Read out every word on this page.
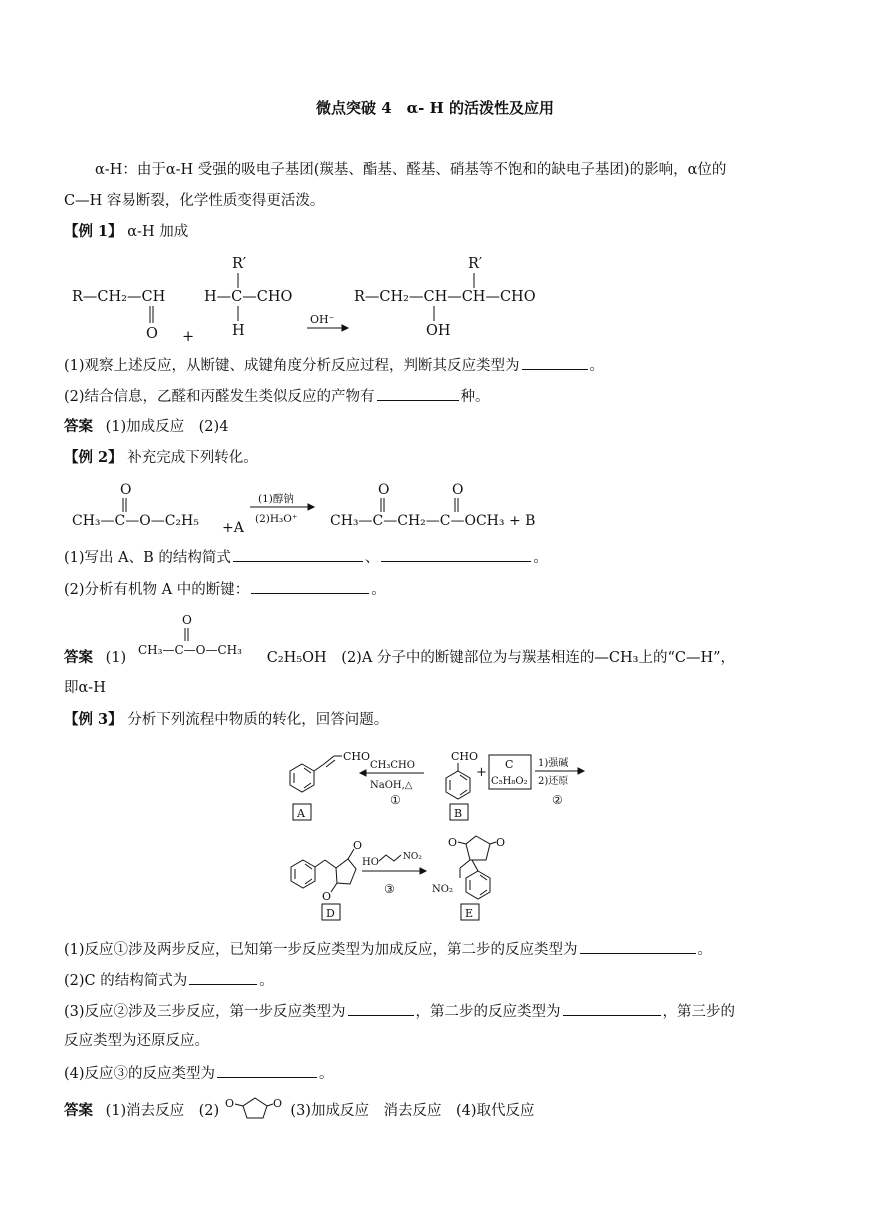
微点突破 4　α- H 的活泼性及应用
α-H：由于α-H 受强的吸电子基团(羰基、酯基、醛基、硝基等不饱和的缺电子基团)的影响，α位的
C—H 容易断裂，化学性质变得更活泼。
【例 1】 α-H 加成
R—CH₂—CH
O +
R′
H—C—CHO
H
OH⁻
R′
R—CH₂—CH—CH—CHO
OH
(1)观察上述反应，从断键、成键角度分析反应过程，判断其反应类型为	。
(2)结合信息，乙醛和丙醛发生类似反应的产物有	种。
答案 (1)加成反应　(2)4
【例 2】 补充完成下列转化。
O
CH₃—C—O—C₂H₅ +A
(1)醇钠
(2)H₃O⁺
O	O
CH₃—C—CH₂—C—OCH₃ + B
(1)写出 A、B 的结构简式	、	。
(2)分析有机物 A 中的断键：	。
O
CH₃—C—O—CH₃
答案 (1)	C₂H₅OH (2)A 分子中的断键部位为与羰基相连的—CH₃上的“C—H”，
即α-H
【例 3】 分析下列流程中物质的转化，回答问题。
CHO
A
CH₃CHO
NaOH,△
①
CHO
B
+
C
C₅H₈O₂
1)强碱
2)还原
②
O
O
D
HO	NO₂
③
O	O
NO₂
E
(1)反应①涉及两步反应，已知第一步反应类型为加成反应，第二步的反应类型为	。
(2)C 的结构简式为	。
(3)反应②涉及三步反应，第一步反应类型为	，第二步的反应类型为	，第三步的
反应类型为还原反应。
(4)反应③的反应类型为	。
答案 (1)消去反应　(2)	(3)加成反应　消去反应　(4)取代反应
O	O
